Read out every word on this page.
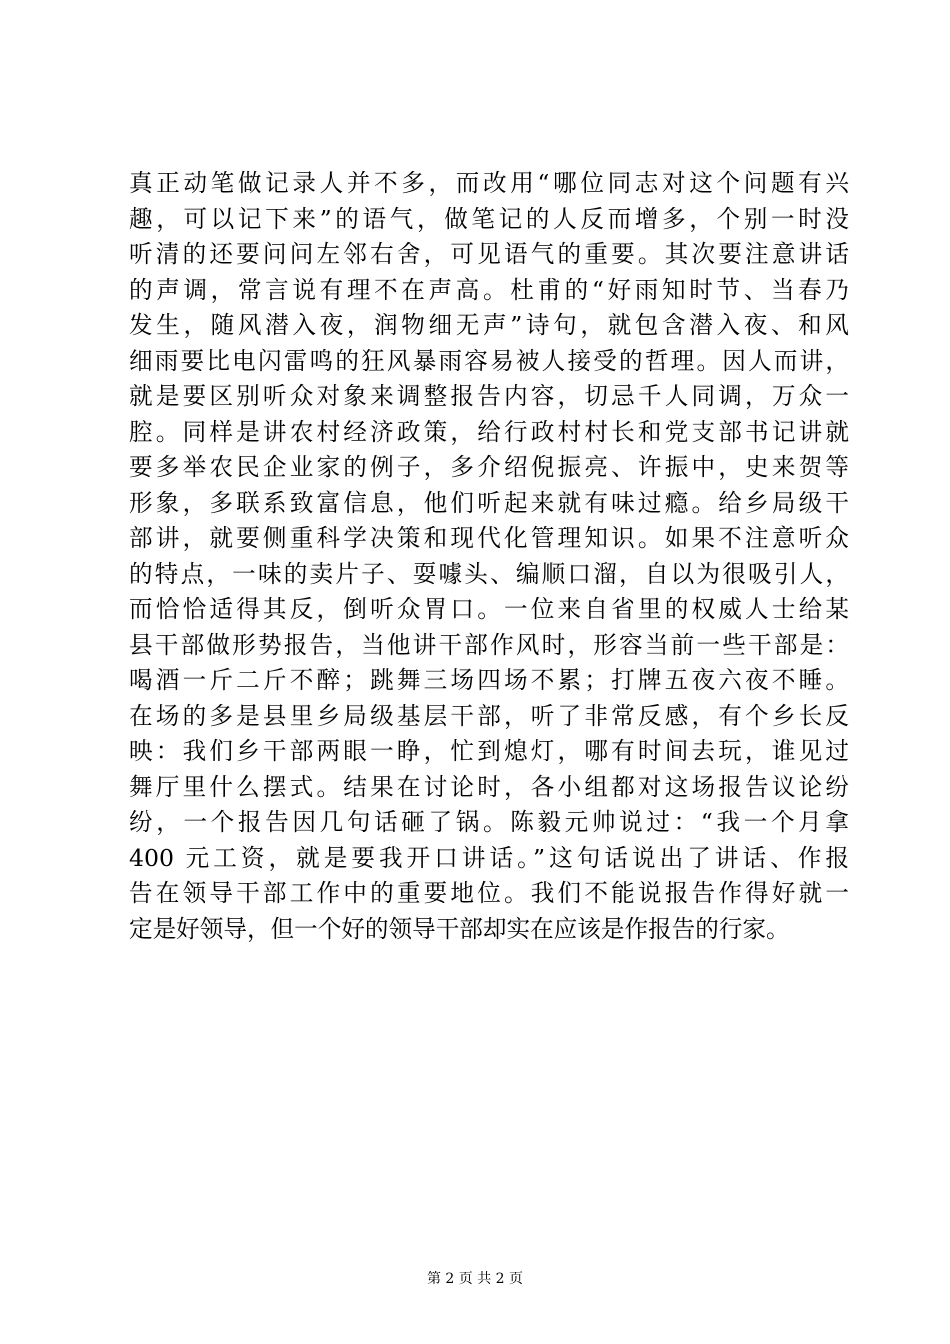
真正动笔做记录人并不多，而改用“哪位同志对这个问题有兴
趣，可以记下来”的语气，做笔记的人反而增多，个别一时没
听清的还要问问左邻右舍，可见语气的重要。其次要注意讲话
的声调，常言说有理不在声高。杜甫的“好雨知时节、当春乃
发生，随风潜入夜，润物细无声”诗句，就包含潜入夜、和风
细雨要比电闪雷鸣的狂风暴雨容易被人接受的哲理。因人而讲，
就是要区别听众对象来调整报告内容，切忌千人同调，万众一
腔。同样是讲农村经济政策，给行政村村长和党支部书记讲就
要多举农民企业家的例子，多介绍倪振亮、许振中，史来贺等
形象，多联系致富信息，他们听起来就有味过瘾。给乡局级干
部讲，就要侧重科学决策和现代化管理知识。如果不注意听众
的特点，一味的卖片子、耍噱头、编顺口溜，自以为很吸引人，
而恰恰适得其反，倒听众胃口。一位来自省里的权威人士给某
县干部做形势报告，当他讲干部作风时，形容当前一些干部是：
喝酒一斤二斤不醉；跳舞三场四场不累；打牌五夜六夜不睡。
在场的多是县里乡局级基层干部，听了非常反感，有个乡长反
映：我们乡干部两眼一睁，忙到熄灯，哪有时间去玩，谁见过
舞厅里什么摆式。结果在讨论时，各小组都对这场报告议论纷
纷，一个报告因几句话砸了锅。陈毅元帅说过：“我一个月拿
400 元工资，就是要我开口讲话。”这句话说出了讲话、作报
告在领导干部工作中的重要地位。我们不能说报告作得好就一
定是好领导，但一个好的领导干部却实在应该是作报告的行家。
第 2 页 共 2 页
